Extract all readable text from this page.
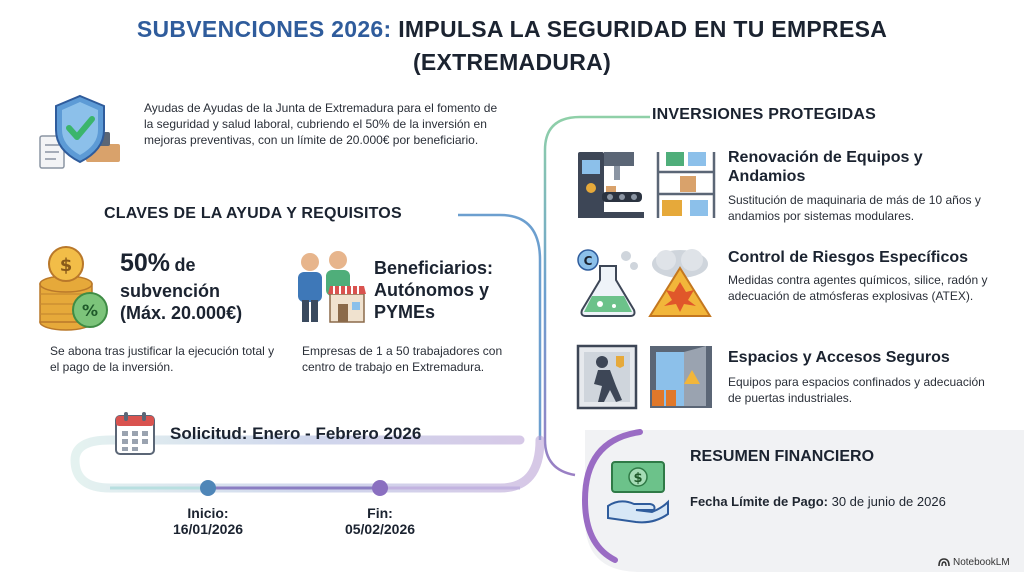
SUBVENCIONES 2026: IMPULSA LA SEGURIDAD EN TU EMPRESA
(EXTREMADURA)
Ayudas de Ayudas de la Junta de Extremadura para el fomento de la seguridad y salud laboral, cubriendo el 50% de la inversión en mejoras preventivas, con un límite de 20.000€ por beneficiario.
CLAVES DE LA AYUDA Y REQUISITOS
$
%
50% de
subvención
(Máx. 20.000€)
Se abona tras justificar la ejecución total y el pago de la inversión.
Beneficiarios:
Autónomos y
PYMEs
Empresas de 1 a 50 trabajadores con centro de trabajo en Extremadura.
Solicitud: Enero - Febrero 2026
Inicio:
16/01/2026
Fin:
05/02/2026
INVERSIONES PROTEGIDAS
Renovación de Equipos y
Andamios
Sustitución de maquinaria de más de 10 años y andamios por sistemas modulares.
C	Control de Riesgos Específicos
Medidas contra agentes químicos, silice, radón y adecuación de atmósferas explosivas (ATEX).
Espacios y Accesos Seguros
Equipos para espacios confinados y adecuación de puertas industriales.
$
RESUMEN FINANCIERO
Fecha Límite de Pago: 30 de junio de 2026
NotebookLM
